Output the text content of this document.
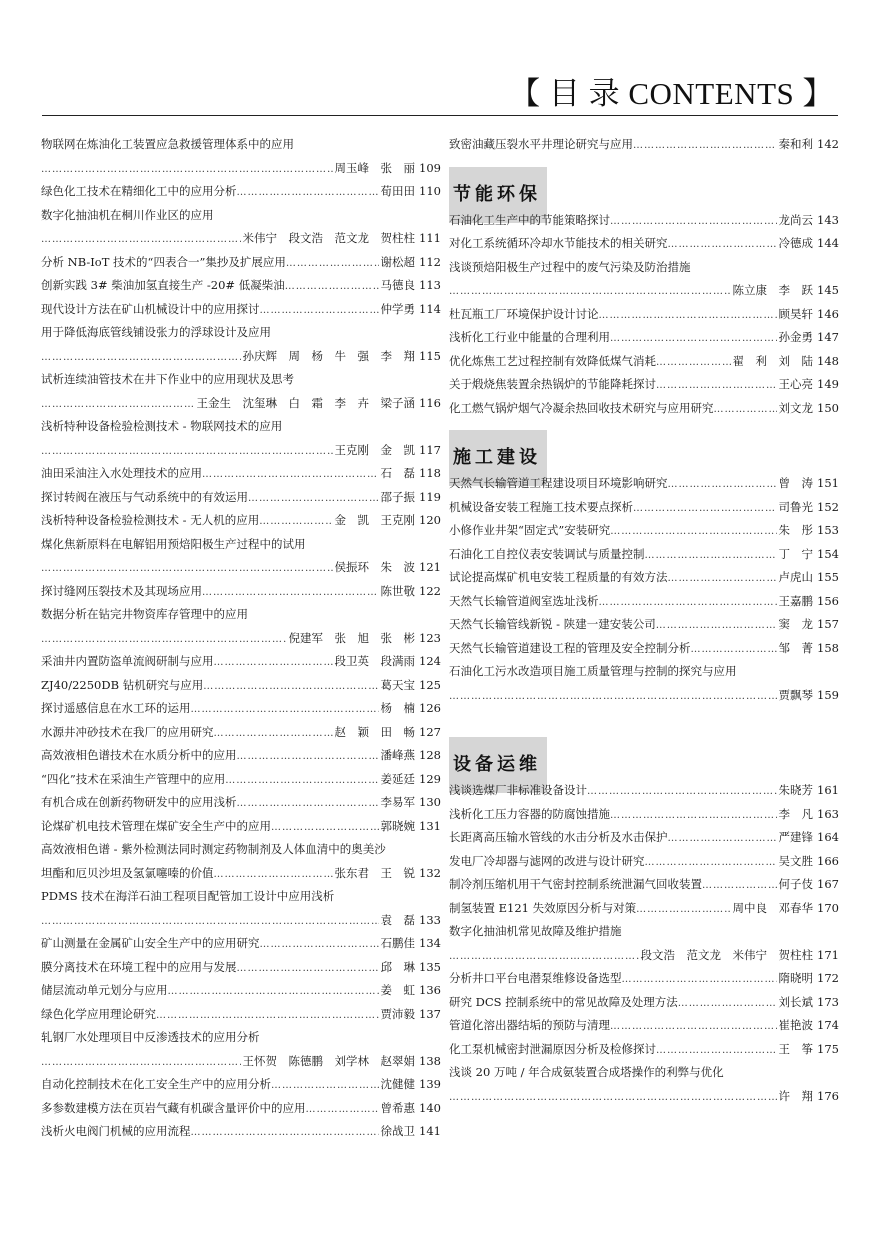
【 目 录 CONTENTS 】
物联网在炼油化工装置应急救援管理体系中的应用
……………………………………………………………………………………………………………………………………………………………………………………………………
周玉峰　张　丽 109
绿色化工技术在精细化工中的应用分析 ……………………………………………………………………………………………………………………………………………………………………………………………………	荀田田 110
数字化抽油机在桐川作业区的应用
……………………………………………………………………………………………………………………………………………………………………………………………………
米伟宁　段文浩　范文龙　贺柱柱 111
分析 NB-IoT 技术的“四表合一”集抄及扩展应用 ……………………………………………………………………………………………………………………………………………………………………………………………………	谢松超 112
创新实践 3# 柴油加氢直接生产 -20# 低凝柴油 ……………………………………………………………………………………………………………………………………………………………………………………………………	马德良 113
现代设计方法在矿山机械设计中的应用探讨 ……………………………………………………………………………………………………………………………………………………………………………………………………	仲学勇 114
用于降低海底管线铺设张力的浮球设计及应用
……………………………………………………………………………………………………………………………………………………………………………………………………
孙庆辉　周　杨　牛　强　李　翔 115
试析连续油管技术在井下作业中的应用现状及思考
……………………………………………………………………………………………………………………………………………………………………………………………………
王金生　沈玺琳　白　霜　李　卉　梁子涵 116
浅析特种设备检验检测技术 - 物联网技术的应用
……………………………………………………………………………………………………………………………………………………………………………………………………
王克刚　金　凯 117
油田采油注入水处理技术的应用 ……………………………………………………………………………………………………………………………………………………………………………………………………	石　磊 118
探讨转阀在液压与气动系统中的有效运用 ……………………………………………………………………………………………………………………………………………………………………………………………………	邵子振 119
浅析特种设备检验检测技术 - 无人机的应用 ……………………………………………………………………………………………………………………………………………………………………………………………………	金　凯　王克刚 120
煤化焦新原料在电解铝用预焙阳极生产过程中的试用
……………………………………………………………………………………………………………………………………………………………………………………………………
侯振环　朱　波 121
探讨缝网压裂技术及其现场应用 ……………………………………………………………………………………………………………………………………………………………………………………………………	陈世敬 122
数据分析在钻完井物资库存管理中的应用
……………………………………………………………………………………………………………………………………………………………………………………………………
倪建军　张　旭　张　彬 123
采油井内置防盗单流阀研制与应用 ……………………………………………………………………………………………………………………………………………………………………………………………………	段卫英　段满雨 124
ZJ40/2250DB 钻机研究与应用 ……………………………………………………………………………………………………………………………………………………………………………………………………	葛天宝 125
探讨遥感信息在水工环的运用 ……………………………………………………………………………………………………………………………………………………………………………………………………	杨　楠 126
水源井冲砂技术在我厂的应用研究 ……………………………………………………………………………………………………………………………………………………………………………………………………	赵　颖　田　畅 127
高效液相色谱技术在水质分析中的应用 ……………………………………………………………………………………………………………………………………………………………………………………………………	潘峰燕 128
“四化”技术在采油生产管理中的应用 ……………………………………………………………………………………………………………………………………………………………………………………………………	姜延廷 129
有机合成在创新药物研发中的应用浅析 ……………………………………………………………………………………………………………………………………………………………………………………………………	李易军 130
论煤矿机电技术管理在煤矿安全生产中的应用 ……………………………………………………………………………………………………………………………………………………………………………………………………	郭晓婉 131
高效液相色谱 - 紫外检测法同时测定药物制剂及人体血清中的奥美沙
坦酯和厄贝沙坦及氢氯噻嗪的价值 ……………………………………………………………………………………………………………………………………………………………………………………………………	张东君　王　锐 132
PDMS 技术在海洋石油工程项目配管加工设计中应用浅析
……………………………………………………………………………………………………………………………………………………………………………………………………
袁　磊 133
矿山测量在金属矿山安全生产中的应用研究 ……………………………………………………………………………………………………………………………………………………………………………………………………	石鹏佳 134
膜分离技术在环境工程中的应用与发展 ……………………………………………………………………………………………………………………………………………………………………………………………………	邱　琳 135
储层流动单元划分与应用 ……………………………………………………………………………………………………………………………………………………………………………………………………	姜　虹 136
绿色化学应用理论研究 ……………………………………………………………………………………………………………………………………………………………………………………………………	贾沛毅 137
轧钢厂水处理项目中反渗透技术的应用分析
……………………………………………………………………………………………………………………………………………………………………………………………………
王怀贺　陈德鹏　刘学林　赵翠娟 138
自动化控制技术在化工安全生产中的应用分析 ……………………………………………………………………………………………………………………………………………………………………………………………………	沈健健 139
多参数建模方法在页岩气藏有机碳含量评价中的应用 ……………………………………………………………………………………………………………………………………………………………………………………………………	曾希惠 140
浅析火电阀门机械的应用流程 ……………………………………………………………………………………………………………………………………………………………………………………………………	徐战卫 141
致密油藏压裂水平井理论研究与应用 ……………………………………………………………………………………………………………………………………………………………………………………………………	秦和利 142
节能环保
石油化工生产中的节能策略探讨 ……………………………………………………………………………………………………………………………………………………………………………………………………	龙尚云 143
对化工系统循环冷却水节能技术的相关研究 ……………………………………………………………………………………………………………………………………………………………………………………………………	冷德成 144
浅谈预焙阳极生产过程中的废气污染及防治措施
……………………………………………………………………………………………………………………………………………………………………………………………………
陈立康　李　跃 145
杜瓦瓶工厂环境保护设计讨论 ……………………………………………………………………………………………………………………………………………………………………………………………………	顾昊轩 146
浅析化工行业中能量的合理利用 ……………………………………………………………………………………………………………………………………………………………………………………………………	孙金勇 147
优化炼焦工艺过程控制有效降低煤气消耗 ……………………………………………………………………………………………………………………………………………………………………………………………………	翟　利　刘　陆 148
关于煅烧焦装置余热锅炉的节能降耗探讨 ……………………………………………………………………………………………………………………………………………………………………………………………………	王心亮 149
化工燃气锅炉烟气冷凝余热回收技术研究与应用研究 ……………………………………………………………………………………………………………………………………………………………………………………………………	刘文龙 150
施工建设
天然气长输管道工程建设项目环境影响研究 ……………………………………………………………………………………………………………………………………………………………………………………………………	曾　涛 151
机械设备安装工程施工技术要点探析 ……………………………………………………………………………………………………………………………………………………………………………………………………	司鲁光 152
小修作业井架“固定式”安装研究 ……………………………………………………………………………………………………………………………………………………………………………………………………	朱　彤 153
石油化工自控仪表安装调试与质量控制 ……………………………………………………………………………………………………………………………………………………………………………………………………	丁　宁 154
试论提高煤矿机电安装工程质量的有效方法 ……………………………………………………………………………………………………………………………………………………………………………………………………	卢虎山 155
天然气长输管道阀室选址浅析 ……………………………………………………………………………………………………………………………………………………………………………………………………	王嘉鹏 156
天然气长输管线新锐 - 陕建一建安装公司 ……………………………………………………………………………………………………………………………………………………………………………………………………	窦　龙 157
天然气长输管道建设工程的管理及安全控制分析 ……………………………………………………………………………………………………………………………………………………………………………………………………	邹　菁 158
石油化工污水改造项目施工质量管理与控制的探究与应用
……………………………………………………………………………………………………………………………………………………………………………………………………
贾飘琴 159
设备运维
浅谈选煤厂非标准设备设计 ……………………………………………………………………………………………………………………………………………………………………………………………………	朱晓芳 161
浅析化工压力容器的防腐蚀措施 ……………………………………………………………………………………………………………………………………………………………………………………………………	李　凡 163
长距离高压输水管线的水击分析及水击保护 ……………………………………………………………………………………………………………………………………………………………………………………………………	严建锋 164
发电厂冷却器与滤网的改进与设计研究 ……………………………………………………………………………………………………………………………………………………………………………………………………	吴文胜 166
制冷剂压缩机用干气密封控制系统泄漏气回收装置 ……………………………………………………………………………………………………………………………………………………………………………………………………	何子伎 167
制氢装置 E121 失效原因分析与对策 ……………………………………………………………………………………………………………………………………………………………………………………………………	周中良　邓春华 170
数字化抽油机常见故障及维护措施
……………………………………………………………………………………………………………………………………………………………………………………………………
段文浩　范文龙　米伟宁　贺柱柱 171
分析井口平台电潜泵维修设备选型 ……………………………………………………………………………………………………………………………………………………………………………………………………	隋晓明 172
研究 DCS 控制系统中的常见故障及处理方法 ……………………………………………………………………………………………………………………………………………………………………………………………………	刘长斌 173
管道化溶出器结垢的预防与清理 ……………………………………………………………………………………………………………………………………………………………………………………………………	崔艳波 174
化工泵机械密封泄漏原因分析及检修探讨 ……………………………………………………………………………………………………………………………………………………………………………………………………	王　筝 175
浅谈 20 万吨 / 年合成氨装置合成塔操作的利弊与优化
……………………………………………………………………………………………………………………………………………………………………………………………………
许　翔 176
